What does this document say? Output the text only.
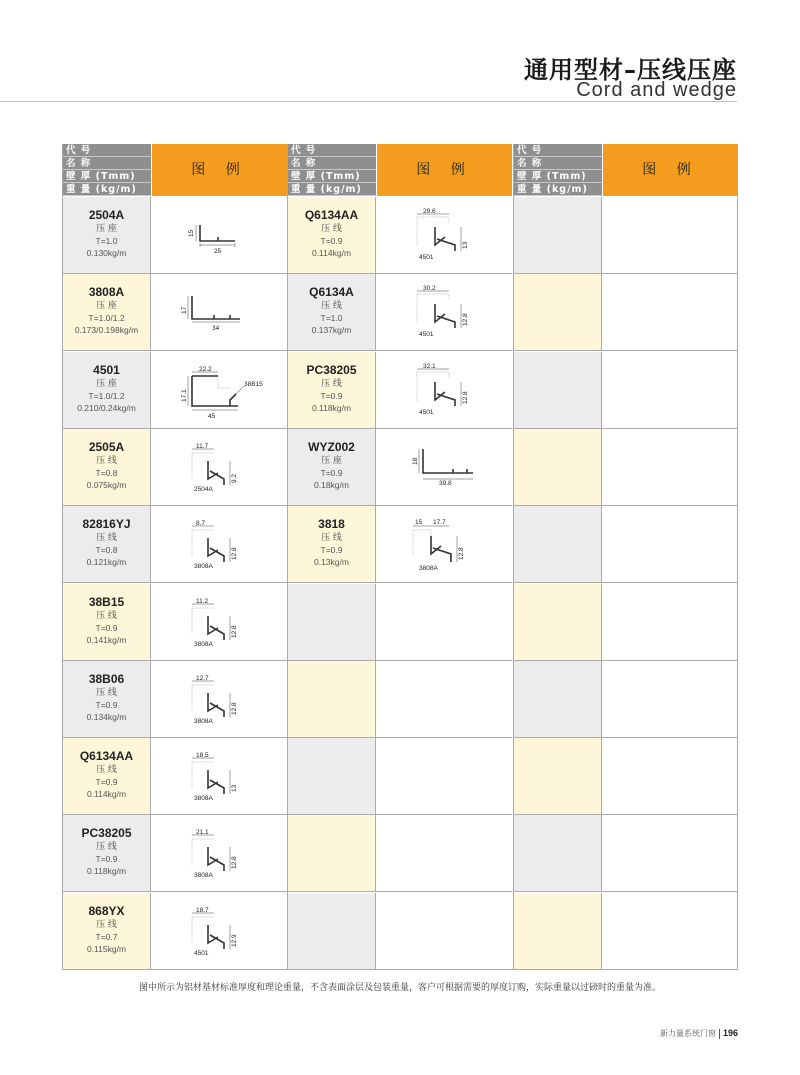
通用型材–压线压座
Cord and wedge
代 号
名 称
壁 厚 (Tmm)
重 量 (kg/m)
图 例
2504A
压 座
T=1.0
0.130kg/m
15
25
3808A
压 座
T=1.0/1.2
0.173/0.198kg/m
17
34
4501
压 座
T=1.0/1.2
0.210/0.24kg/m
22.2
17.1
45
38B15
2505A
压 线
T=0.8
0.075kg/m
11.7
9.2
2504A
82816YJ
压 线
T=0.8
0.121kg/m
8.7
12.8
3808A
38B15
压 线
T=0.9
0.141kg/m
11.2
12.8
3808A
38B06
压 线
T=0.9
0.134kg/m
12.7
12.8
3808A
Q6134AA
压 线
T=0.9
0.114kg/m
18.5
13
3808A
PC38205
压 线
T=0.9
0.118kg/m
21.1
12.8
3808A
868YX
压 线
T=0.7
0.115kg/m
18.7
12.9
4501
代 号
名 称
壁 厚 (Tmm)
重 量 (kg/m)
图 例
Q6134AA
压 线
T=0.9
0.114kg/m
29.6
13
4501
Q6134A
压 线
T=1.0
0.137kg/m
30.2
12.8
4501
PC38205
压 线
T=0.9
0.118kg/m
32.1
12.8
4501
WYZ002
压 座
T=0.9
0.18kg/m
18
39.8
3818
压 线
T=0.9
0.13kg/m
15 17.7
12.8
3808A
代 号
名 称
壁 厚 (Tmm)
重 量 (kg/m)
图 例
图中所示为铝材基材标准厚度和理论重量，不含表面涂层及包装重量，客户可根据需要的厚度订购，实际重量以过磅时的重量为准。
新力量系统门窗 196
